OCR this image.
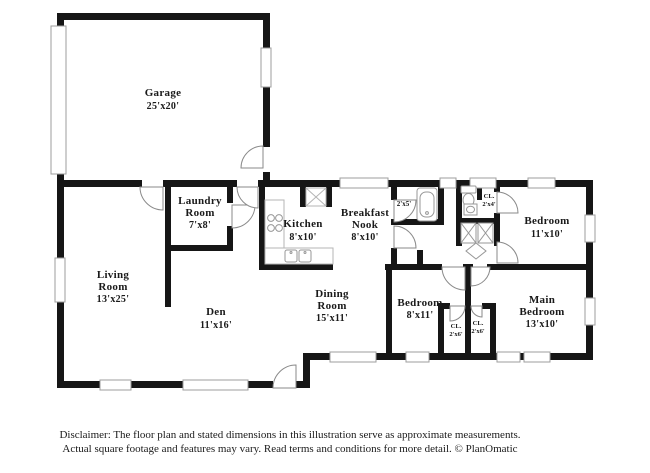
Garage
25'x20'
Laundry
Room
7'x8'	Kitchen
8'x10'
Breakfast
Nook
8'x10'
2'x5'
CL.
2'x4'
Bedroom
11'x10'
Living
Room
13'x25'
Den
11'x16'
Dining
Room
15'x11'
Bedroom
8'x11'
CL.
2'x6'
CL.
2'x6'
Main
Bedroom
13'x10'
Disclaimer: The floor plan and stated dimensions in this illustration serve as approximate measurements.
Actual square footage and features may vary. Read terms and conditions for more detail. © PlanOmatic
